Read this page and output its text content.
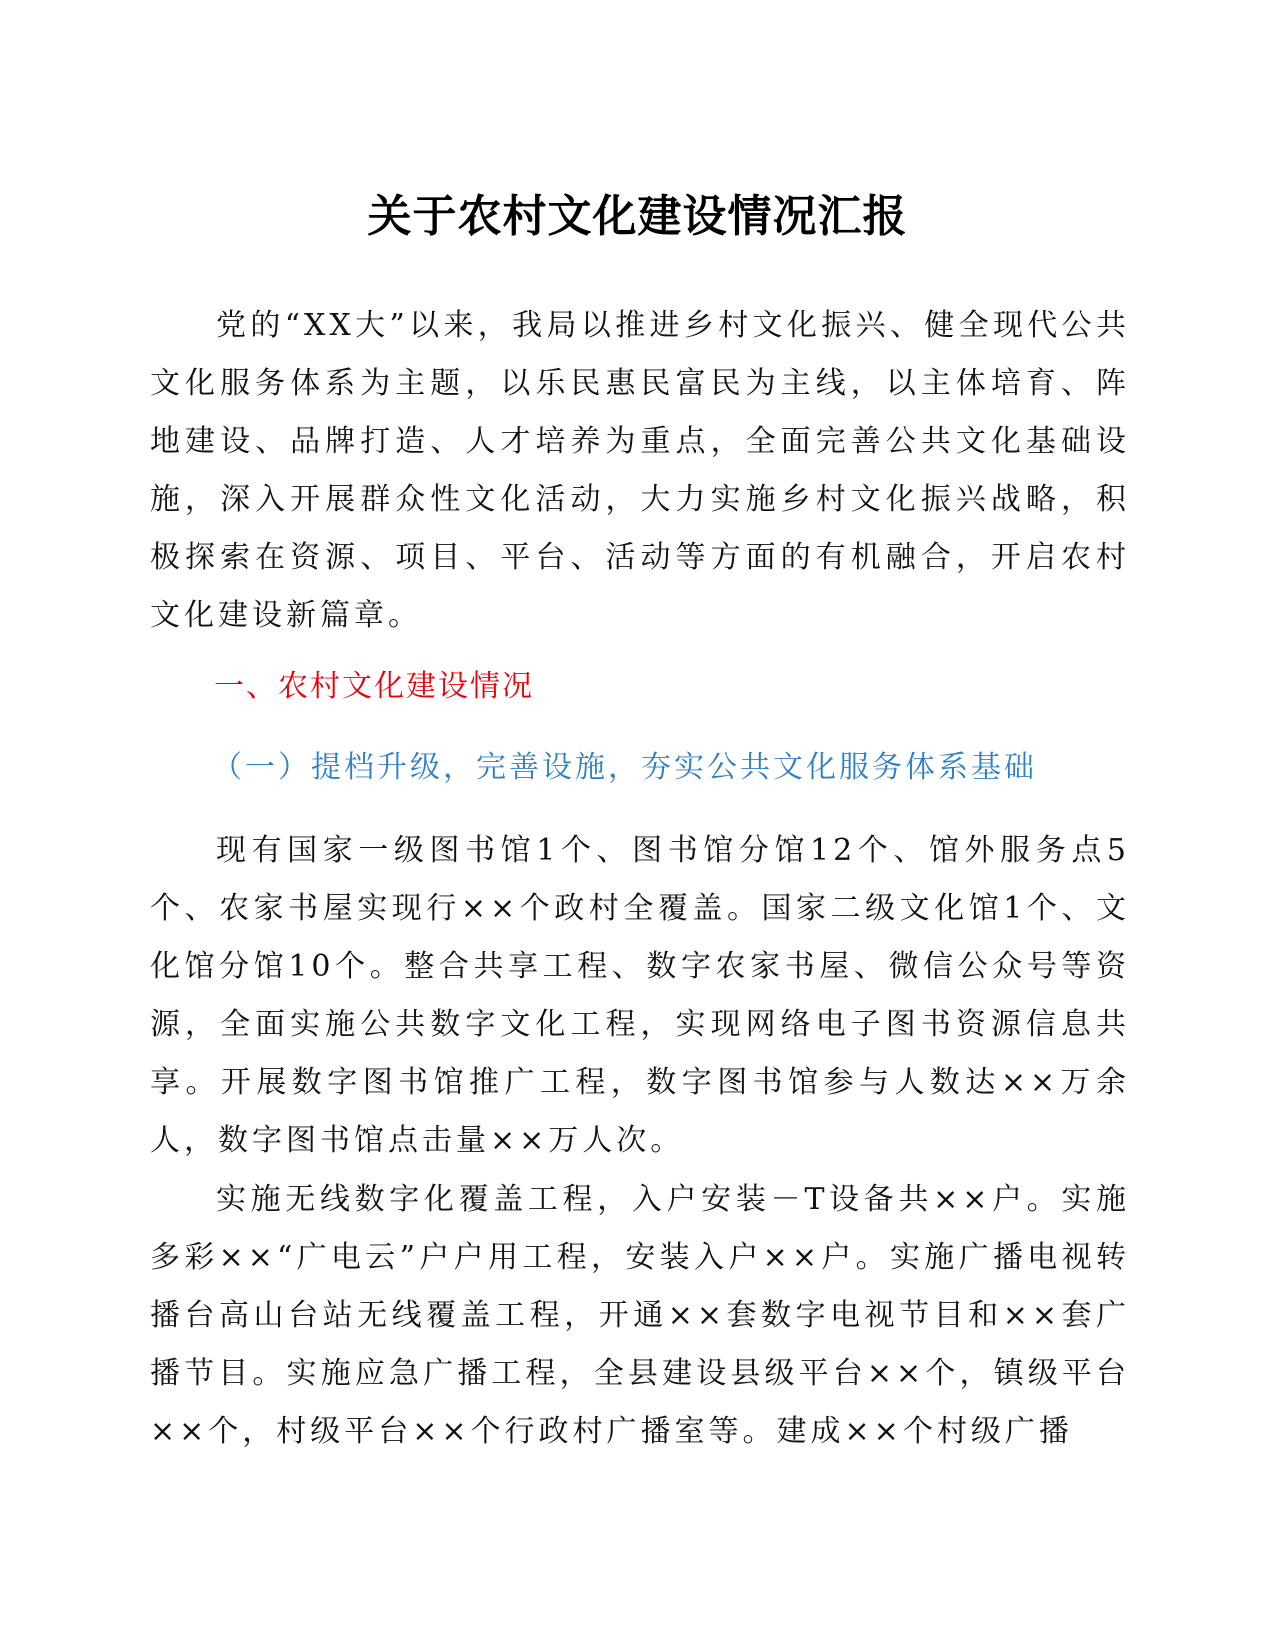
关于农村文化建设情况汇报

党的“XX大”以来，我局以推进乡村文化振兴、健全现代公共文化服务体系为主题，以乐民惠民富民为主线，以主体培育、阵地建设、品牌打造、人才培养为重点，全面完善公共文化基础设施，深入开展群众性文化活动，大力实施乡村文化振兴战略，积极探索在资源、项目、平台、活动等方面的有机融合，开启农村文化建设新篇章。

一、农村文化建设情况
（一）提档升级，完善设施，夯实公共文化服务体系基础

现有国家一级图书馆1个、图书馆分馆12个、馆外服务点5个、农家书屋实现行××个政村全覆盖。国家二级文化馆1个、文化馆分馆10个。整合共享工程、数字农家书屋、微信公众号等资源，全面实施公共数字文化工程，实现网络电子图书资源信息共享。开展数字图书馆推广工程，数字图书馆参与人数达××万余人，数字图书馆点击量××万人次。

实施无线数字化覆盖工程，入户安装－T设备共××户。实施多彩××“广电云”户户用工程，安装入户××户。实施广播电视转播台高山台站无线覆盖工程，开通××套数字电视节目和××套广播节目。实施应急广播工程，全县建设县级平台××个，镇级平台××个，村级平台××个行政村广播室等。建成××个村级广播
